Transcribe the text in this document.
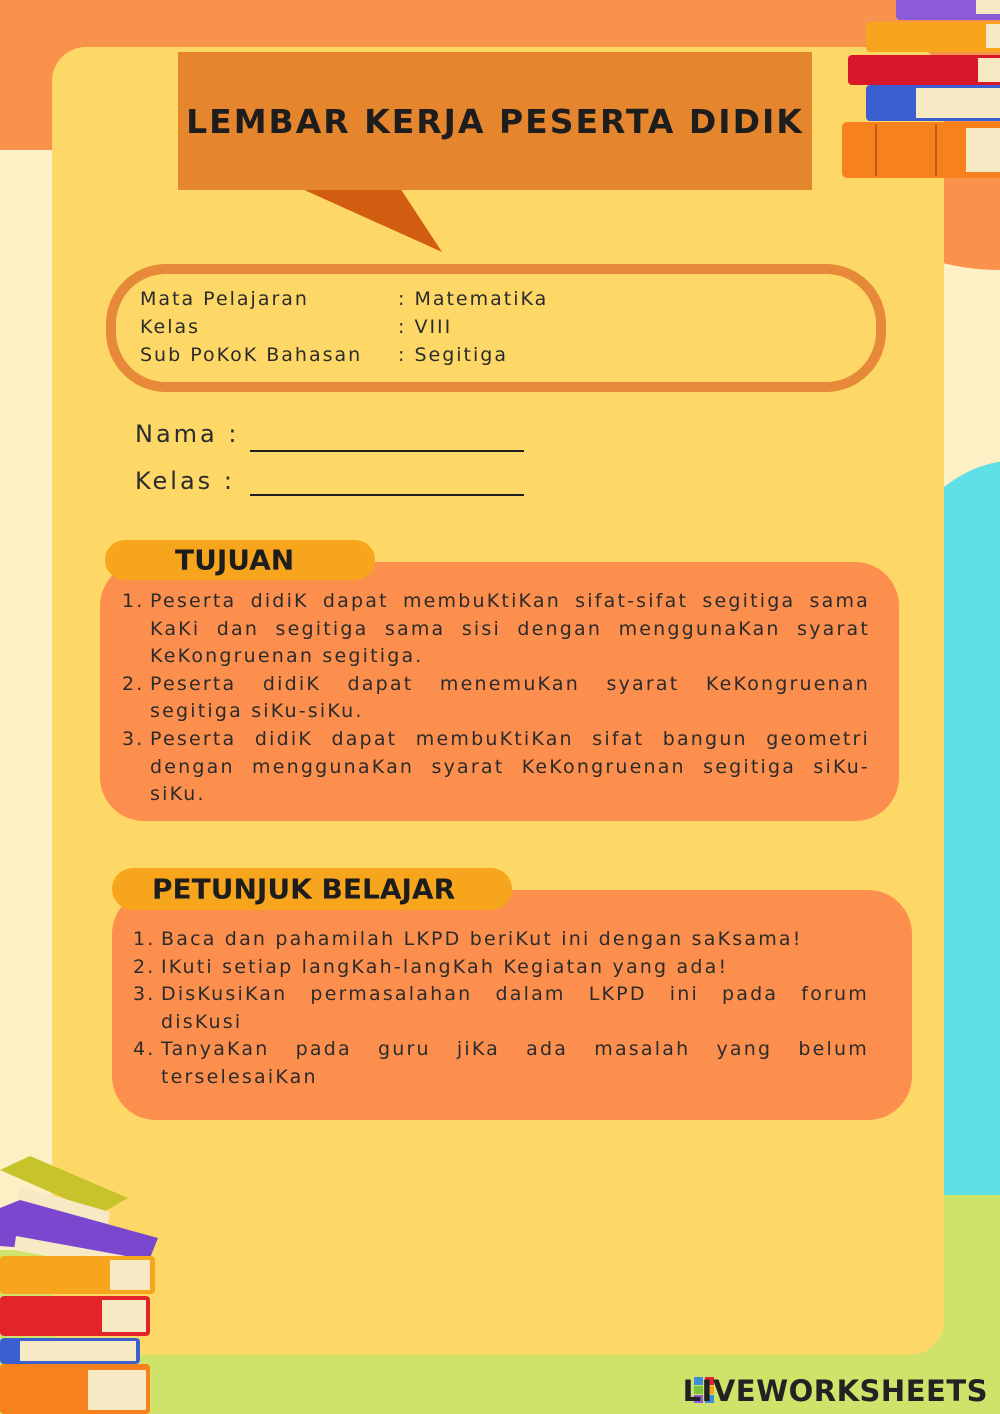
LEMBAR KERJA PESERTA DIDIK
Mata Pelajaran	: MatematiKa
Kelas	: VIII
Sub PoKoK Bahasan : Segitiga
Nama :
Kelas :
TUJUAN
1. Peserta didiK dapat membuKtiKan sifat-sifat segitiga sama KaKi dan segitiga sama sisi dengan menggunaKan syarat KeKongruenan segitiga.
2. Peserta didiK dapat menemuKan syarat KeKongruenan segitiga siKu-siKu.
3. Peserta didiK dapat membuKtiKan sifat bangun geometri dengan menggunaKan syarat KeKongruenan segitiga siKu-siKu.
PETUNJUK BELAJAR
1. Baca dan pahamilah LKPD beriKut ini dengan saKsama!
2. IKuti setiap langKah-langKah Kegiatan yang ada!
3. DisKusiKan permasalahan dalam LKPD ini pada forum disKusi
4. TanyaKan pada guru jiKa ada masalah yang belum terselesaiKan
LIVEWORKSHEETS
